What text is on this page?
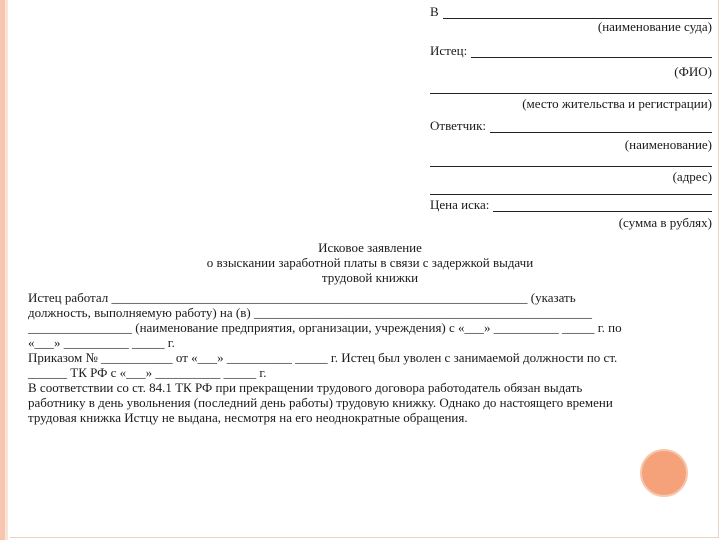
В
(наименование суда)
Истец:
(ФИО)
(место жительства и регистрации)
Ответчик:
(наименование)
(адрес)
Цена иска:
(сумма в рублях)
Исковое заявление
о взыскании заработной платы в связи с задержкой выдачи
трудовой книжки
Истец работал ________________________________________________________________ (указать
должность, выполняемую работу) на (в) ____________________________________________________
________________ (наименование предприятия, организации, учреждения) с «___» __________ _____ г. по
«___» __________ _____ г.
Приказом № ___________ от «___» __________ _____ г. Истец был уволен с занимаемой должности по ст.
______ ТК РФ с «___» __________ _____ г.
В соответствии со ст. 84.1 ТК РФ при прекращении трудового договора работодатель обязан выдать
работнику в день увольнения (последний день работы) трудовую книжку. Однако до настоящего времени
трудовая книжка Истцу не выдана, несмотря на его неоднократные обращения.
